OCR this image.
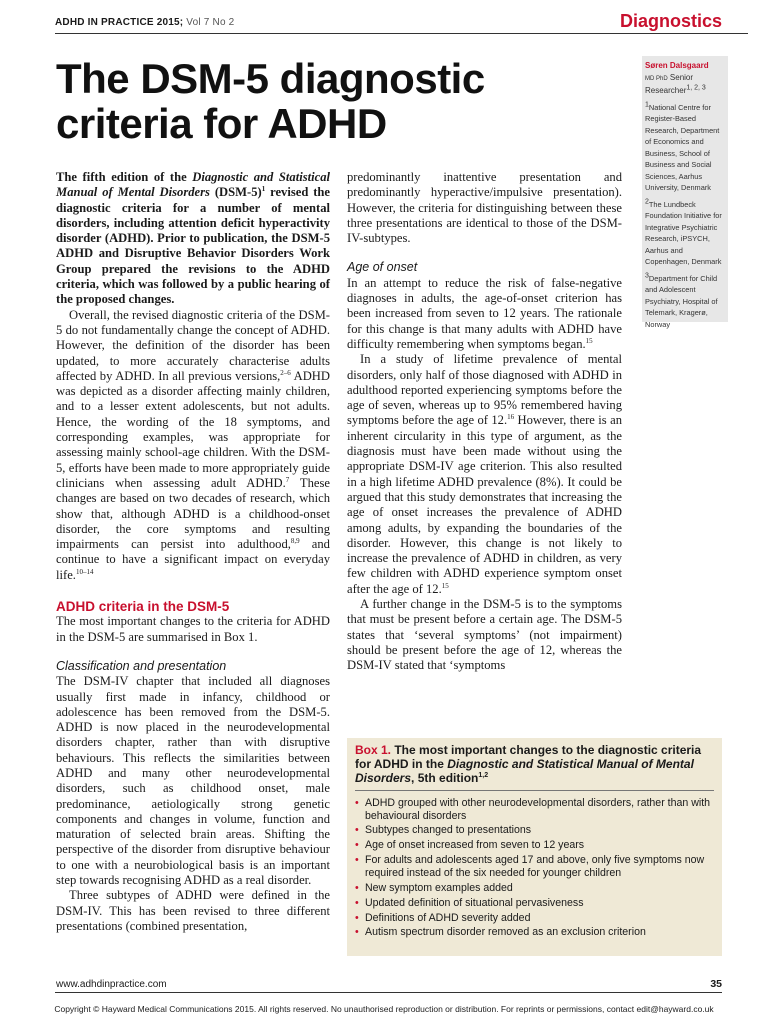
ADHD IN PRACTICE 2015; Vol 7 No 2	Diagnostics
The DSM-5 diagnostic criteria for ADHD
Søren Dalsgaard
MD PhD Senior Researcher$^{1, 2, 3}$
$^1$National Centre for Register-Based Research, Department of Economics and Business, School of Business and Social Sciences, Aarhus University, Denmark
$^2$The Lundbeck Foundation Initiative for Integrative Psychiatric Research, iPSYCH, Aarhus and Copenhagen, Denmark
$^3$Department for Child and Adolescent Psychiatry, Hospital of Telemark, Kragerø, Norway

The fifth edition of the Diagnostic and Statistical Manual of Mental Disorders $(DSM-5)^1$ revised the diagnostic criteria for a number of mental disorders, including attention deficit hyperactivity disorder (ADHD). Prior to publication, the DSM-5 ADHD and Disruptive Behavior Disorders Work Group prepared the revisions to the ADHD criteria, which was followed by a public hearing of the proposed changes.

Overall, the revised diagnostic criteria of the DSM-5 do not fundamentally change the concept of ADHD. However, the definition of the disorder has been updated, to more accurately characterise adults affected by ADHD. In all previous versions,$^{2-6}$ ADHD was depicted as a disorder affecting mainly children, and to a lesser extent adolescents, but not adults. Hence, the wording of the 18 symptoms, and corresponding examples, was appropriate for assessing mainly school-age children. With the DSM-5, efforts have been made to more appropriately guide clinicians when assessing adult ADHD.$^7$ These changes are based on two decades of research, which show that, although ADHD is a childhood-onset disorder, the core symptoms and resulting impairments can persist into adulthood,$^{8,9}$ and continue to have a significant impact on everyday life.$^{10-14}$

ADHD criteria in the DSM-5

The most important changes to the criteria for ADHD in the DSM-5 are summarised in Box 1.

Classification and presentation

The DSM-IV chapter that included all diagnoses usually first made in infancy, childhood or adolescence has been removed from the DSM-5. ADHD is now placed in the neurodevelopmental disorders chapter, rather than with disruptive behaviours. This reflects the similarities between ADHD and many other neurodevelopmental disorders, such as childhood onset, male predominance, aetiologically strong genetic components and changes in volume, function and maturation of selected brain areas. Shifting the perspective of the disorder from disruptive behaviour to one with a neurobiological basis is an important step towards recognising ADHD as a real disorder.

Three subtypes of ADHD were defined in the DSM-IV. This has been revised to three different presentations (combined presentation,

predominantly inattentive presentation and predominantly hyperactive/impulsive presentation). However, the criteria for distinguishing between these three presentations are identical to those of the DSM-IV-subtypes.

Age of onset

In an attempt to reduce the risk of false-negative diagnoses in adults, the age-of-onset criterion has been increased from seven to 12 years. The rationale for this change is that many adults with ADHD have difficulty remembering when symptoms began.$^{15}$

In a study of lifetime prevalence of mental disorders, only half of those diagnosed with ADHD in adulthood reported experiencing symptoms before the age of seven, whereas up to 95% remembered having symptoms before the age of 12.16 However, there is an inherent circularity in this type of argument, as the diagnosis must have been made without using the appropriate DSM-IV age criterion. This also resulted in a high lifetime ADHD prevalence (8%). It could be argued that this study demonstrates that increasing the age of onset increases the prevalence of ADHD among adults, by expanding the boundaries of the disorder. However, this change is not likely to increase the prevalence of ADHD in children, as very few children with ADHD experience symptom onset after the age of 12.15

A further change in the DSM-5 is to the symptoms that must be present before a certain age. The DSM-5 states that ‘several symptoms’ (not impairment) should be present before the age of 12, whereas the DSM-IV stated that ‘symptoms

Box 1. The most important changes to the diagnostic criteria for ADHD in the Diagnostic and Statistical Manual of Mental Disorders, 5th edition$^{1,2}$
• ADHD grouped with other neurodevelopmental disorders, rather than with behavioural disorders
• Subtypes changed to presentations
• Age of onset increased from seven to 12 years
• For adults and adolescents aged 17 and above, only five symptoms now required instead of the six needed for younger children
• New symptom examples added
• Updated definition of situational pervasiveness
• Definitions of ADHD severity added
• Autism spectrum disorder removed as an exclusion criterion
www.adhdinpractice.com	35
Copyright © Hayward Medical Communications 2015. All rights reserved. No unauthorised reproduction or distribution. For reprints or permissions, contact edit@hayward.co.uk
